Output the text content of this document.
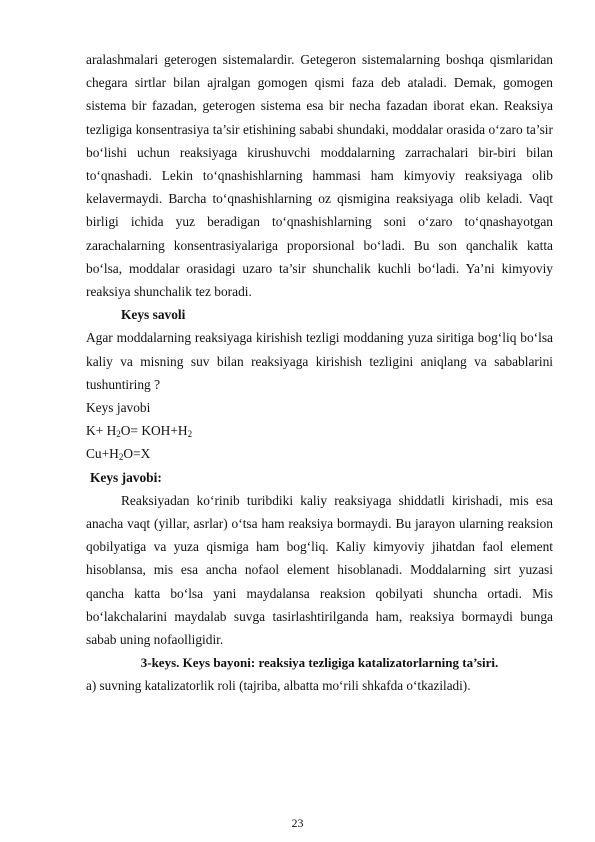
aralashmalari geterogen sistemalardir. Getegeron sistemalarning boshqa qismlaridan chegara sirtlar bilan ajralgan gomogen qismi faza deb ataladi. Demak, gomogen sistema bir fazadan, geterogen sistema esa bir necha fazadan iborat ekan. Reaksiya tezligiga konsentrasiya ta’sir etishining sababi shundaki, moddalar orasida o‘zaro ta’sir bo‘lishi uchun reaksiyaga kirushuvchi moddalarning zarrachalari bir-biri bilan to‘qnashadi. Lekin to‘qnashishlarning hammasi ham kimyoviy reaksiyaga olib kelavermaydi. Barcha to‘qnashishlarning oz qismigina reaksiyaga olib keladi. Vaqt birligi ichida yuz beradigan to‘qnashishlarning soni o‘zaro to‘qnashayotgan zarachalarning konsentrasiyalariga proporsional bo‘ladi. Bu son qanchalik katta bo‘lsa, moddalar orasidagi uzaro ta’sir shunchalik kuchli bo‘ladi. Ya’ni kimyoviy reaksiya shunchalik tez boradi.

Keys savoli

Agar moddalarning reaksiyaga kirishish tezligi moddaning yuza siritiga bog‘liq bo‘lsa kaliy va misning suv bilan reaksiyaga kirishish tezligini aniqlang va sabablarini tushuntiring ?

Keys javobi

$K+ H_2O= KOH+H_2$

$Cu+H_2O=X$

Keys javobi:

Reaksiyadan ko‘rinib turibdiki kaliy reaksiyaga shiddatli kirishadi, mis esa anacha vaqt (yillar, asrlar) o‘tsa ham reaksiya bormaydi. Bu jarayon ularning reaksion qobilyatiga va yuza qismiga ham bog‘liq. Kaliy kimyoviy jihatdan faol element hisoblansa, mis esa ancha nofaol element hisoblanadi. Moddalarning sirt yuzasi qancha katta bo‘lsa yani maydalansa reaksion qobilyati shuncha ortadi. Mis bo‘lakchalarini maydalab suvga tasirlashtirilganda ham, reaksiya bormaydi bunga sabab uning nofaolligidir.

3-keys. Keys bayoni: reaksiya tezligiga katalizatorlarning ta’siri.

a) suvning katalizatorlik roli (tajriba, albatta mo‘rili shkafda o‘tkaziladi).

23
